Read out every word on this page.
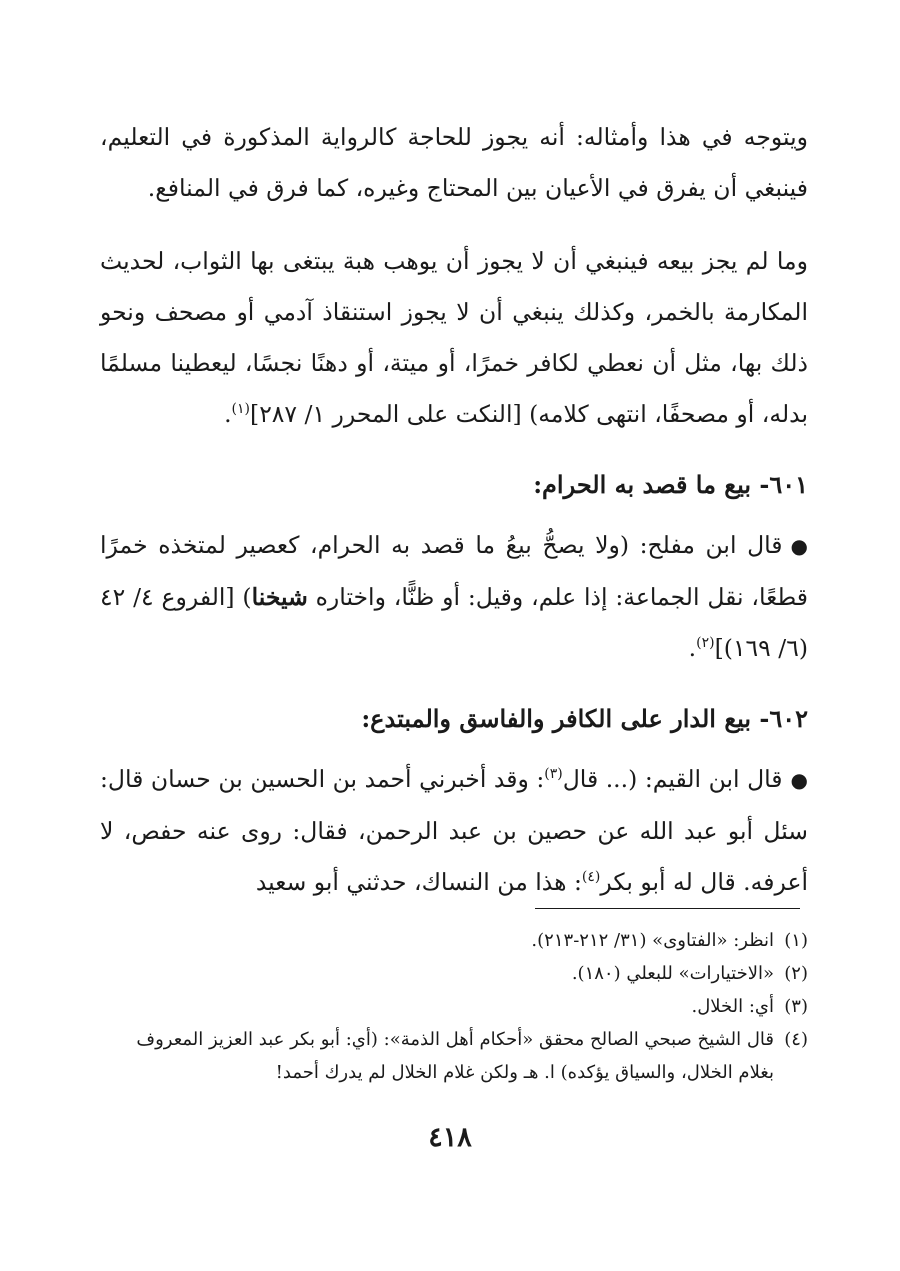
ويتوجه في هذا وأمثاله: أنه يجوز للحاجة كالرواية المذكورة في التعليم، فينبغي أن يفرق في الأعيان بين المحتاج وغيره، كما فرق في المنافع.

وما لم يجز بيعه فينبغي أن لا يجوز أن يوهب هبة يبتغى بها الثواب، لحديث المكارمة بالخمر، وكذلك ينبغي أن لا يجوز استنقاذ آدمي أو مصحف ونحو ذلك بها، مثل أن نعطي لكافر خمرًا، أو ميتة، أو دهنًا نجسًا، ليعطينا مسلمًا بدله، أو مصحفًا، انتهى كلامه) [النكت على المحرر ١/ ٢٨٧]$^{(١)}$.

٦٠١- بيع ما قصد به الحرام:

●قال ابن مفلح: (ولا يصحُّ بيعُ ما قصد به الحرام، كعصير لمتخذه خمرًا قطعًا، نقل الجماعة: إذا علم، وقيل: أو ظنًّا، واختاره شيخنا) [الفروع ٤/ ٤٢ (٦/ ١٦٩)]$^{(٢)}$.

٦٠٢- بيع الدار على الكافر والفاسق والمبتدع:

●قال ابن القيم: (... قال$^{(٣)}$: وقد أخبرني أحمد بن الحسين بن حسان قال: سئل أبو عبد الله عن حصين بن عبد الرحمن، فقال: روى عنه حفص، لا أعرفه. قال له أبو بكر$^{(٤)}$: هذا من النساك، حدثني أبو سعيد

(١)
انظر: «الفتاوى» (٣١/ ٢١٢-٢١٣).
(٢)
«الاختيارات» للبعلي (١٨٠).
(٣)
أي: الخلال.
(٤)
قال الشيخ صبحي الصالح محقق «أحكام أهل الذمة»: (أي: أبو بكر عبد العزيز المعروف بغلام الخلال، والسياق يؤكده) ا. هـ ولكن غلام الخلال لم يدرك أحمد!
٤١٨
